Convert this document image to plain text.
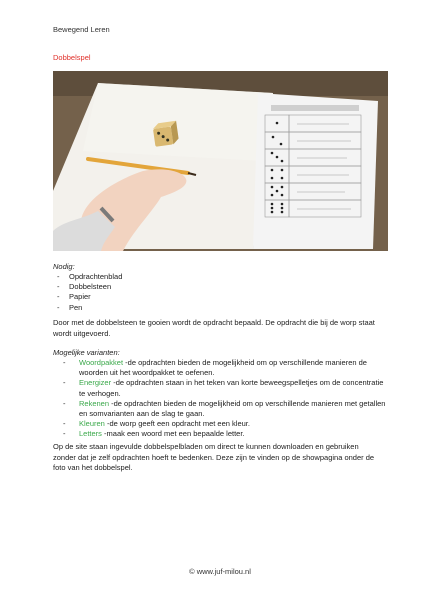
Bewegend Leren
Dobbelspel
Nodig:
- Opdrachtenblad
- Dobbelsteen
- Papier
- Pen

Door met de dobbelsteen te gooien wordt de opdracht bepaald. De opdracht die bij de worp staat wordt uitgevoerd.

Mogelijke varianten:
- Woordpakket -de opdrachten bieden de mogelijkheid om op verschillende manieren de woorden uit het woordpakket te oefenen.
- Energizer -de opdrachten staan in het teken van korte beweegspelletjes om de concentratie te verhogen.
- Rekenen -de opdrachten bieden de mogelijkheid om op verschillende manieren met getallen en somvarianten aan de slag te gaan.
- Kleuren -de worp geeft een opdracht met een kleur.
- Letters -maak een woord met een bepaalde letter.

Op de site staan ingevulde dobbelspelbladen om direct te kunnen downloaden en gebruiken zonder dat je zelf opdrachten hoeft te bedenken. Deze zijn te vinden op de showpagina onder de foto van het dobbelspel.

© www.juf-milou.nl
